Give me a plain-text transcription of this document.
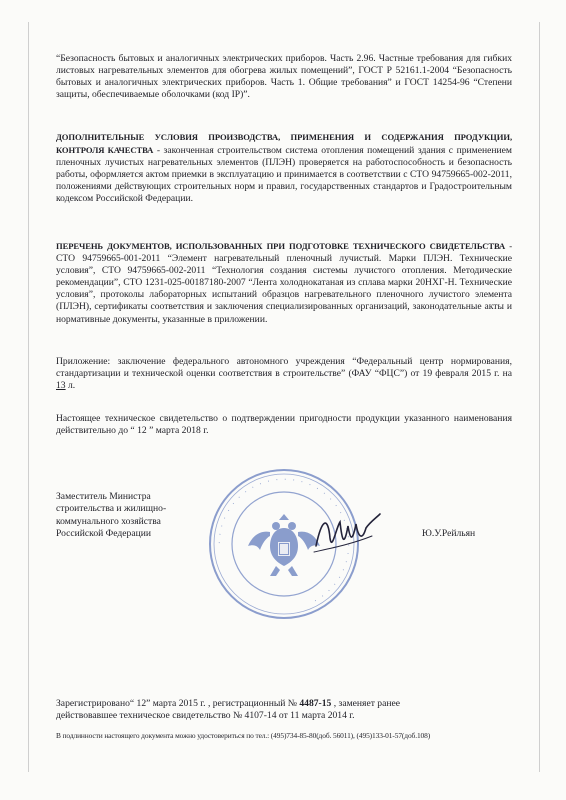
“Безопасность бытовых и аналогичных электрических приборов. Часть 2.96. Частные требования для гибких листовых нагревательных элементов для обогрева жилых помещений”, ГОСТ Р 52161.1-2004 “Безопасность бытовых и аналогичных электрических приборов. Часть 1. Общие требования” и ГОСТ 14254-96 “Степени защиты, обеспечиваемые оболочками (код IP)”.
ДОПОЛНИТЕЛЬНЫЕ УСЛОВИЯ ПРОИЗВОДСТВА, ПРИМЕНЕНИЯ И СОДЕРЖАНИЯ ПРОДУКЦИИ, КОНТРОЛЯ КАЧЕСТВА - законченная строительством система отопления помещений здания с применением пленочных лучистых нагревательных элементов (ПЛЭН) проверяется на работоспособность и безопасность работы, оформляется актом приемки в эксплуатацию и принимается в соответствии с СТО 94759665-002-2011, положениями действующих строительных норм и правил, государственных стандартов и Градостроительным кодексом Российской Федерации.
ПЕРЕЧЕНЬ ДОКУМЕНТОВ, ИСПОЛЬЗОВАННЫХ ПРИ ПОДГОТОВКЕ ТЕХНИЧЕСКОГО СВИДЕТЕЛЬСТВА - СТО 94759665-001-2011 “Элемент нагревательный пленочный лучистый. Марки ПЛЭН. Технические условия”, СТО 94759665-002-2011 “Технология создания системы лучистого отопления. Методические рекомендации”, СТО 1231-025-00187180-2007 “Лента холоднокатаная из сплава марки 20НХГ-Н. Технические условия”, протоколы лабораторных испытаний образцов нагревательного пленочного лучистого элемента (ПЛЭН), сертификаты соответствия и заключения специализированных организаций, законодательные акты и нормативные документы, указанные в приложении.
Приложение: заключение федерального автономного учреждения “Федеральный центр нормирования, стандартизации и технической оценки соответствия в строительстве” (ФАУ “ФЦС”) от 19 февраля 2015 г. на 13 л.
Настоящее техническое свидетельство о подтверждении пригодности продукции указанного наименования действительно до “ 12 ” марта 2018 г.
· · · · · · · · · · · · · · · · · · · · · · · · · · · · · · · · ·
Заместитель Министра
строительства и жилищно-
коммунального хозяйства
Российской Федерации	Ю.У.Рейльян
Зарегистрировано“ 12” марта 2015 г. , регистрационный № 4487-15 , заменяет ранее
действовавшее техническое свидетельство № 4107-14 от 11 марта 2014 г.
В подлинности настоящего документа можно удостовериться по тел.: (495)734-85-80(доб. 56011), (495)133-01-57(доб.108)
